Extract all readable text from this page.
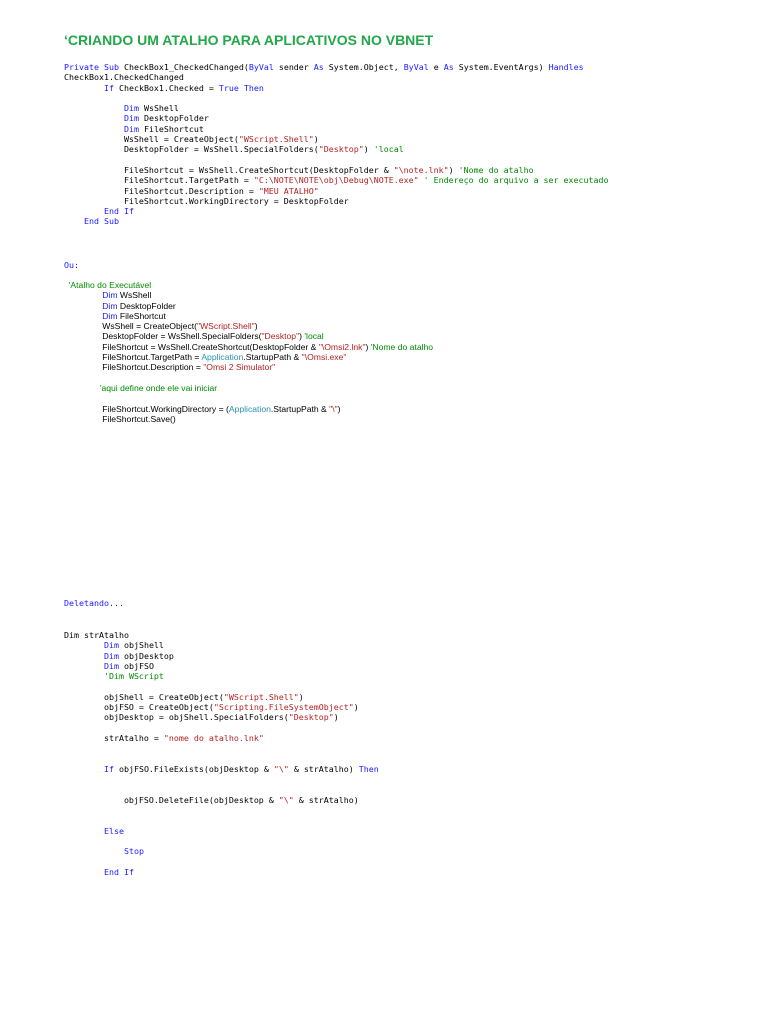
‘CRIANDO UM ATALHO PARA APLICATIVOS NO VBNET
Private Sub CheckBox1_CheckedChanged(ByVal sender As System.Object, ByVal e As System.EventArgs) Handles
CheckBox1.CheckedChanged
If CheckBox1.Checked = True Then
Dim WsShell
Dim DesktopFolder
Dim FileShortcut
WsShell = CreateObject("WScript.Shell")
DesktopFolder = WsShell.SpecialFolders("Desktop") 'local
FileShortcut = WsShell.CreateShortcut(DesktopFolder & "\note.lnk") 'Nome do atalho
FileShortcut.TargetPath = "C:\NOTE\NOTE\obj\Debug\NOTE.exe" ' Endereço do arquivo a ser executado
FileShortcut.Description = "MEU ATALHO"
FileShortcut.WorkingDirectory = DesktopFolder
End If
End Sub
Ou:
'Atalho do Executável
Dim WsShell
Dim DesktopFolder
Dim FileShortcut
WsShell = CreateObject("WScript.Shell")
DesktopFolder = WsShell.SpecialFolders("Desktop") 'local
FileShortcut = WsShell.CreateShortcut(DesktopFolder & "\Omsi2.lnk") 'Nome do atalho
FileShortcut.TargetPath = Application.StartupPath & "\Omsi.exe"
FileShortcut.Description = "Omsi 2 Simulator"
'aqui define onde ele vai iniciar
FileShortcut.WorkingDirectory = (Application.StartupPath & "\")
FileShortcut.Save()
Deletando...
Dim strAtalho
Dim objShell
Dim objDesktop
Dim objFSO
'Dim WScript
objShell = CreateObject("WScript.Shell")
objFSO = CreateObject("Scripting.FileSystemObject")
objDesktop = objShell.SpecialFolders("Desktop")
strAtalho = "nome do atalho.lnk"
If objFSO.FileExists(objDesktop & "\" & strAtalho) Then
objFSO.DeleteFile(objDesktop & "\" & strAtalho)
Else
Stop
End If
